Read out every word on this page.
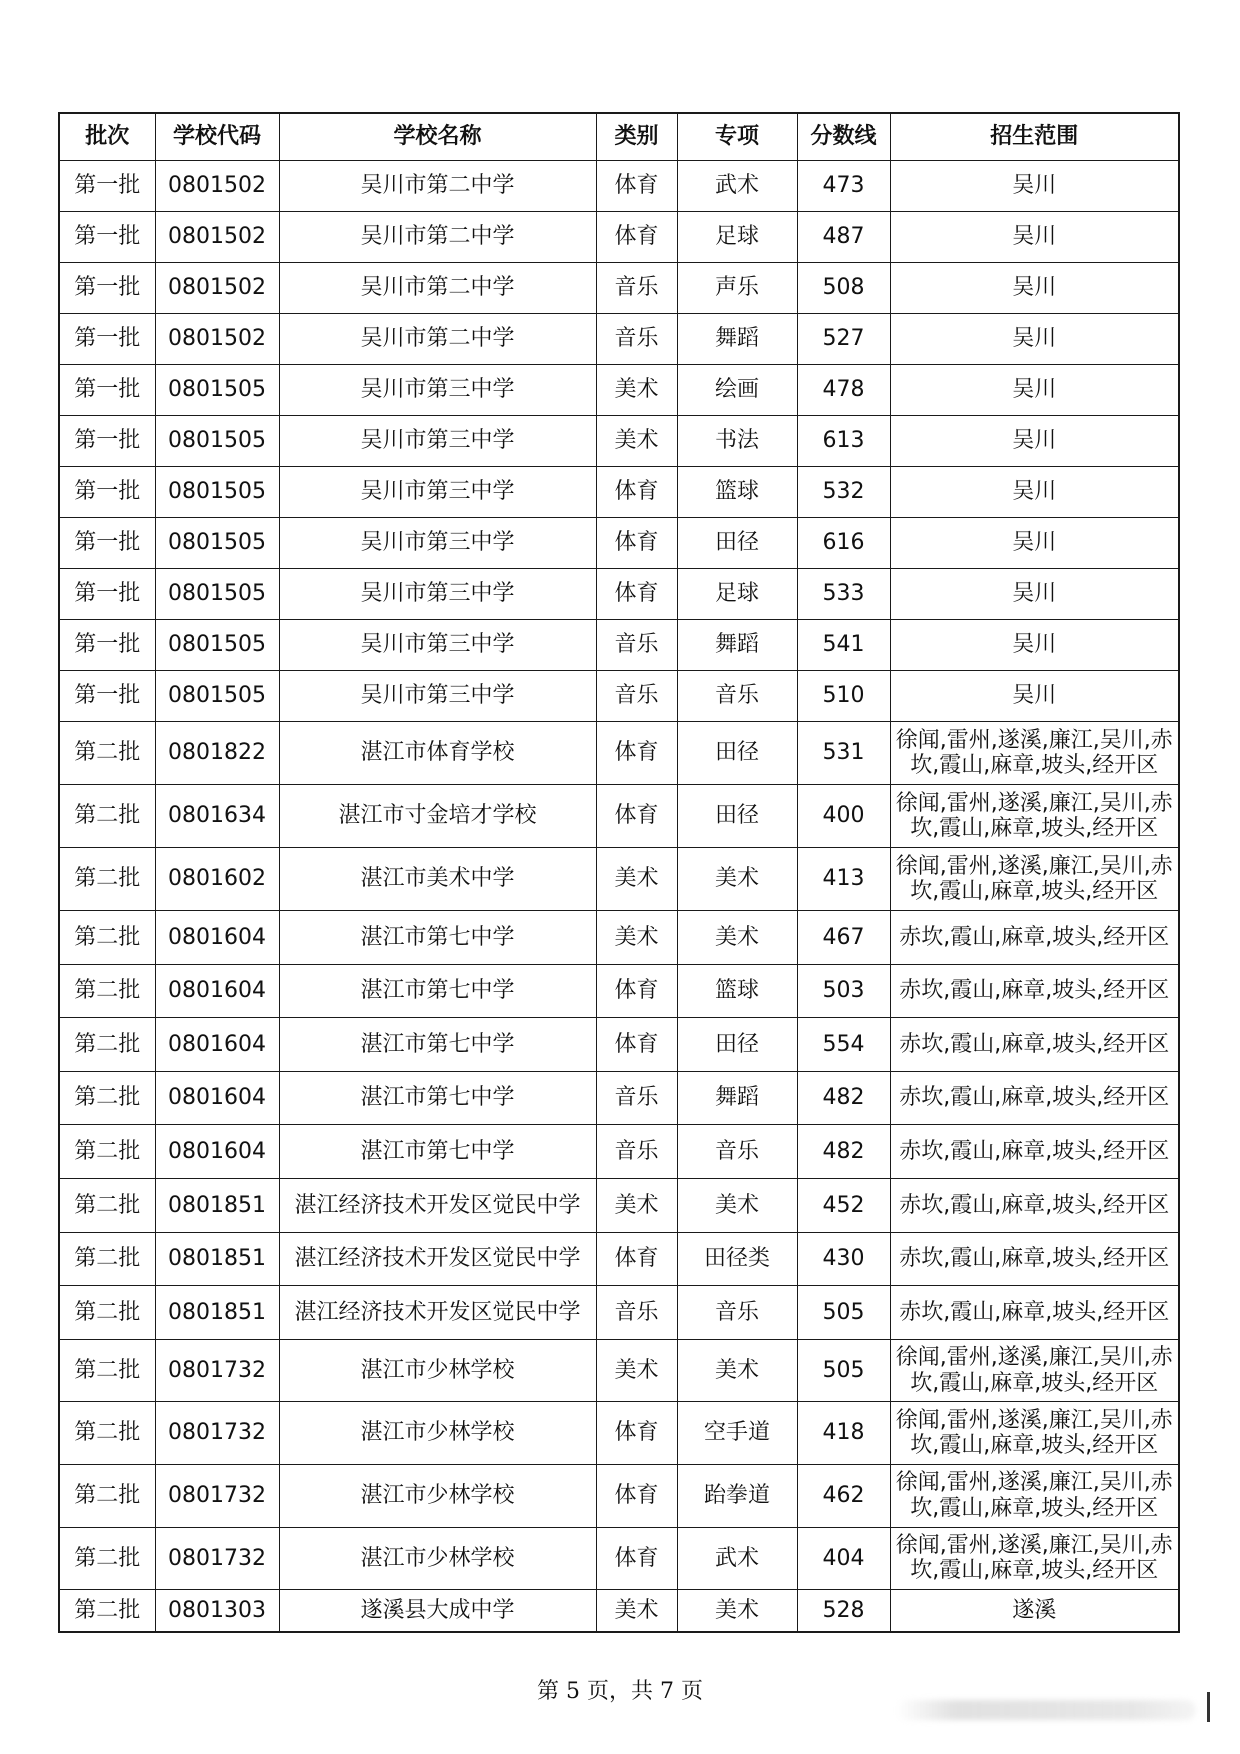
批次	学校代码	学校名称	类别	专项	分数线	招生范围
第一批	0801502	吴川市第二中学	体育	武术	473	吴川
第一批	0801502	吴川市第二中学	体育	足球	487	吴川
第一批	0801502	吴川市第二中学	音乐	声乐	508	吴川
第一批	0801502	吴川市第二中学	音乐	舞蹈	527	吴川
第一批	0801505	吴川市第三中学	美术	绘画	478	吴川
第一批	0801505	吴川市第三中学	美术	书法	613	吴川
第一批	0801505	吴川市第三中学	体育	篮球	532	吴川
第一批	0801505	吴川市第三中学	体育	田径	616	吴川
第一批	0801505	吴川市第三中学	体育	足球	533	吴川
第一批	0801505	吴川市第三中学	音乐	舞蹈	541	吴川
第一批	0801505	吴川市第三中学	音乐	音乐	510	吴川
第二批	0801822	湛江市体育学校	体育	田径	531	徐闻,雷州,遂溪,廉江,吴川,赤坎,霞山,麻章,坡头,经开区
第二批	0801634	湛江市寸金培才学校	体育	田径	400	徐闻,雷州,遂溪,廉江,吴川,赤坎,霞山,麻章,坡头,经开区
第二批	0801602	湛江市美术中学	美术	美术	413	徐闻,雷州,遂溪,廉江,吴川,赤坎,霞山,麻章,坡头,经开区
第二批	0801604	湛江市第七中学	美术	美术	467	赤坎,霞山,麻章,坡头,经开区
第二批	0801604	湛江市第七中学	体育	篮球	503	赤坎,霞山,麻章,坡头,经开区
第二批	0801604	湛江市第七中学	体育	田径	554	赤坎,霞山,麻章,坡头,经开区
第二批	0801604	湛江市第七中学	音乐	舞蹈	482	赤坎,霞山,麻章,坡头,经开区
第二批	0801604	湛江市第七中学	音乐	音乐	482	赤坎,霞山,麻章,坡头,经开区
第二批	0801851	湛江经济技术开发区觉民中学	美术	美术	452	赤坎,霞山,麻章,坡头,经开区
第二批	0801851	湛江经济技术开发区觉民中学	体育	田径类	430	赤坎,霞山,麻章,坡头,经开区
第二批	0801851	湛江经济技术开发区觉民中学	音乐	音乐	505	赤坎,霞山,麻章,坡头,经开区
第二批	0801732	湛江市少林学校	美术	美术	505	徐闻,雷州,遂溪,廉江,吴川,赤坎,霞山,麻章,坡头,经开区
第二批	0801732	湛江市少林学校	体育	空手道	418	徐闻,雷州,遂溪,廉江,吴川,赤坎,霞山,麻章,坡头,经开区
第二批	0801732	湛江市少林学校	体育	跆拳道	462	徐闻,雷州,遂溪,廉江,吴川,赤坎,霞山,麻章,坡头,经开区
第二批	0801732	湛江市少林学校	体育	武术	404	徐闻,雷州,遂溪,廉江,吴川,赤坎,霞山,麻章,坡头,经开区
第二批	0801303	遂溪县大成中学	美术	美术	528	遂溪
第 5 页，共 7 页
